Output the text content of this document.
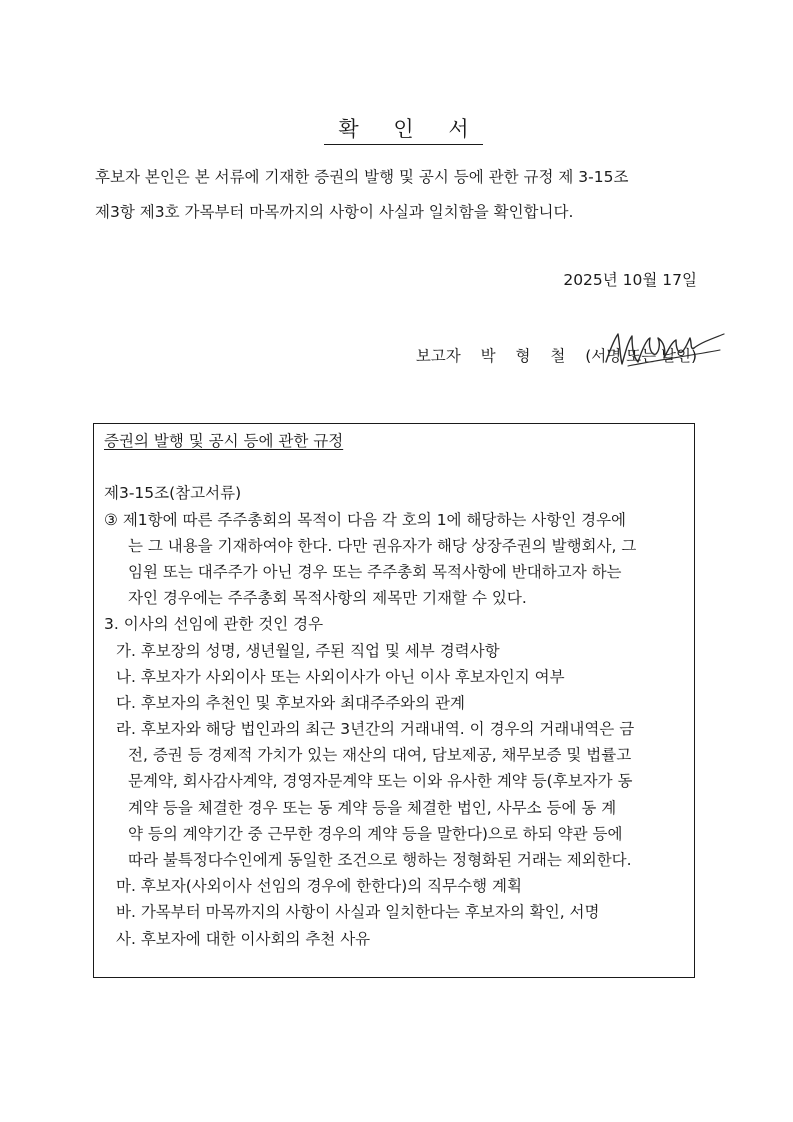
확 인 서
후보자 본인은 본 서류에 기재한 증권의 발행 및 공시 등에 관한 규정 제 3-15조
제3항 제3호 가목부터 마목까지의 사항이 사실과 일치함을 확인합니다.
2025년 10월 17일
보고자 박 형 철 (서명 또는 날인)
증권의 발행 및 공시 등에 관한 규정
제3-15조(참고서류)
③ 제1항에 따른 주주총회의 목적이 다음 각 호의 1에 해당하는 사항인 경우에
는 그 내용을 기재하여야 한다. 다만 권유자가 해당 상장주권의 발행회사, 그
임원 또는 대주주가 아닌 경우 또는 주주총회 목적사항에 반대하고자 하는
자인 경우에는 주주총회 목적사항의 제목만 기재할 수 있다.
3. 이사의 선임에 관한 것인 경우
가. 후보장의 성명, 생년월일, 주된 직업 및 세부 경력사항
나. 후보자가 사외이사 또는 사외이사가 아닌 이사 후보자인지 여부
다. 후보자의 추천인 및 후보자와 최대주주와의 관계
라. 후보자와 해당 법인과의 최근 3년간의 거래내역. 이 경우의 거래내역은 금
전, 증권 등 경제적 가치가 있는 재산의 대여, 담보제공, 채무보증 및 법률고
문계약, 회사감사계약, 경영자문계약 또는 이와 유사한 계약 등(후보자가 동
계약 등을 체결한 경우 또는 동 계약 등을 체결한 법인, 사무소 등에 동 계
약 등의 계약기간 중 근무한 경우의 계약 등을 말한다)으로 하되 약관 등에
따라 불특정다수인에게 동일한 조건으로 행하는 정형화된 거래는 제외한다.
마. 후보자(사외이사 선임의 경우에 한한다)의 직무수행 계획
바. 가목부터 마목까지의 사항이 사실과 일치한다는 후보자의 확인, 서명
사. 후보자에 대한 이사회의 추천 사유
